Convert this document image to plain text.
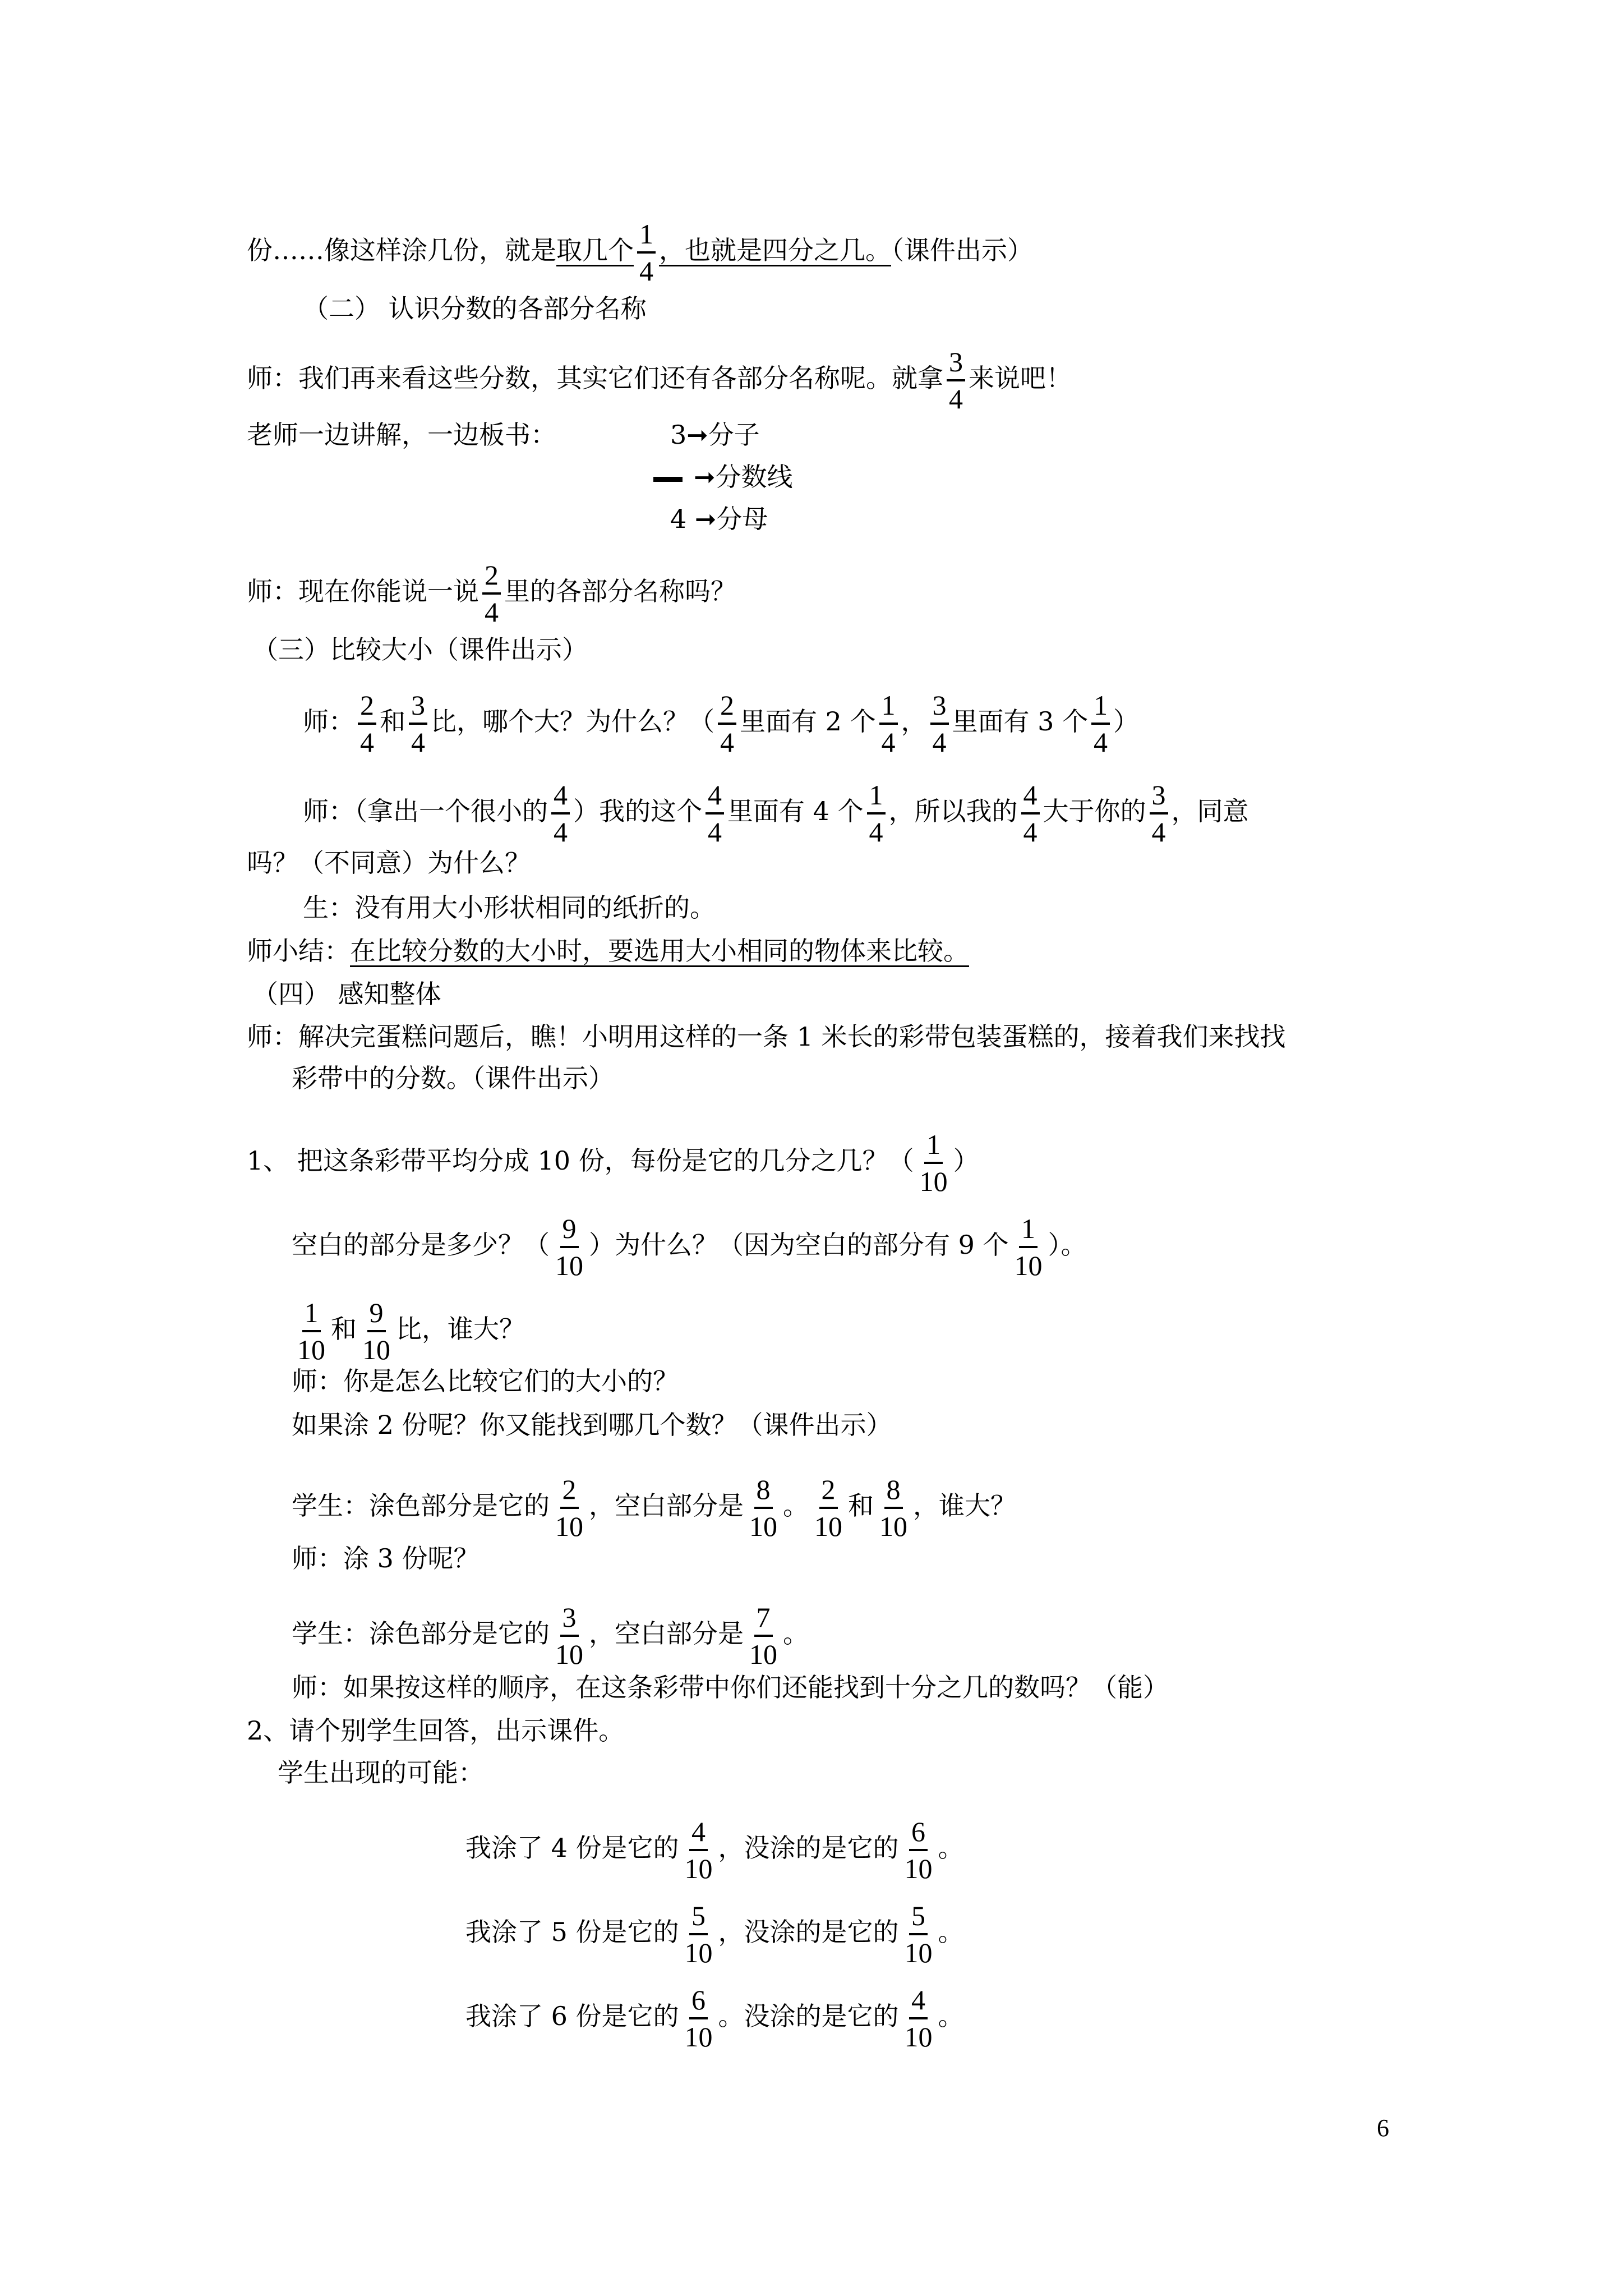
份……像这样涂几份，就是取几个 $\frac{1}{4}$ ，也就是四分之几。（课件出示）
（二） 认识分数的各部分名称
师：我们再来看这些分数，其实它们还有各部分名称呢。就拿 $\frac{3}{4}$ 来说吧！
老师一边讲解，一边板书：	3➞分子
➞分数线
4 ➞分母
师：现在你能说一说 $\frac{2}{4}$ 里的各部分名称吗？
（三）比较大小（课件出示）
师： $\frac{2}{4}$ 和 $\frac{3}{4}$ 比，哪个大？为什么？（ $\frac{2}{4}$ 里面有 2 个 $\frac{1}{4}$ ， $\frac{3}{4}$ 里面有 3 个 $\frac{1}{4}$ ）
师：（拿出一个很小的 $\frac{4}{4}$ ）我的这个 $\frac{4}{4}$ 里面有 4 个 $\frac{1}{4}$ ，所以我的 $\frac{4}{4}$ 大于你的 $\frac{3}{4}$ ，同意
吗？（不同意）为什么？
生：没有用大小形状相同的纸折的。
师小结：在比较分数的大小时，要选用大小相同的物体来比较。
（四） 感知整体
师：解决完蛋糕问题后，瞧！小明用这样的一条 1 米长的彩带包装蛋糕的，接着我们来找找
彩带中的分数。（课件出示）
1、 把这条彩带平均分成 10 份，每份是它的几分之几？（ $\frac{1}{10}$ ）
空白的部分是多少？（ $\frac{9}{10}$ ）为什么？（因为空白的部分有 9 个 $\frac{1}{10}$ ）。
$\frac{1}{10}$ 和 $\frac{9}{10}$ 比，谁大？
师：你是怎么比较它们的大小的？
如果涂 2 份呢？你又能找到哪几个数？（课件出示）
学生：涂色部分是它的 $\frac{2}{10}$ ，空白部分是 $\frac{8}{10}$ 。 $\frac{2}{10}$ 和 $\frac{8}{10}$ ，谁大？
师：涂 3 份呢？
学生：涂色部分是它的 $\frac{3}{10}$ ，空白部分是 $\frac{7}{10}$ 。
师：如果按这样的顺序，在这条彩带中你们还能找到十分之几的数吗？（能）
2、请个别学生回答，出示课件。
学生出现的可能：
我涂了 4 份是它的 $\frac{4}{10}$ ，没涂的是它的 $\frac{6}{10}$ 。
我涂了 5 份是它的 $\frac{5}{10}$ ，没涂的是它的 $\frac{5}{10}$ 。
我涂了 6 份是它的 $\frac{6}{10}$ 。没涂的是它的 $\frac{4}{10}$ 。
6
